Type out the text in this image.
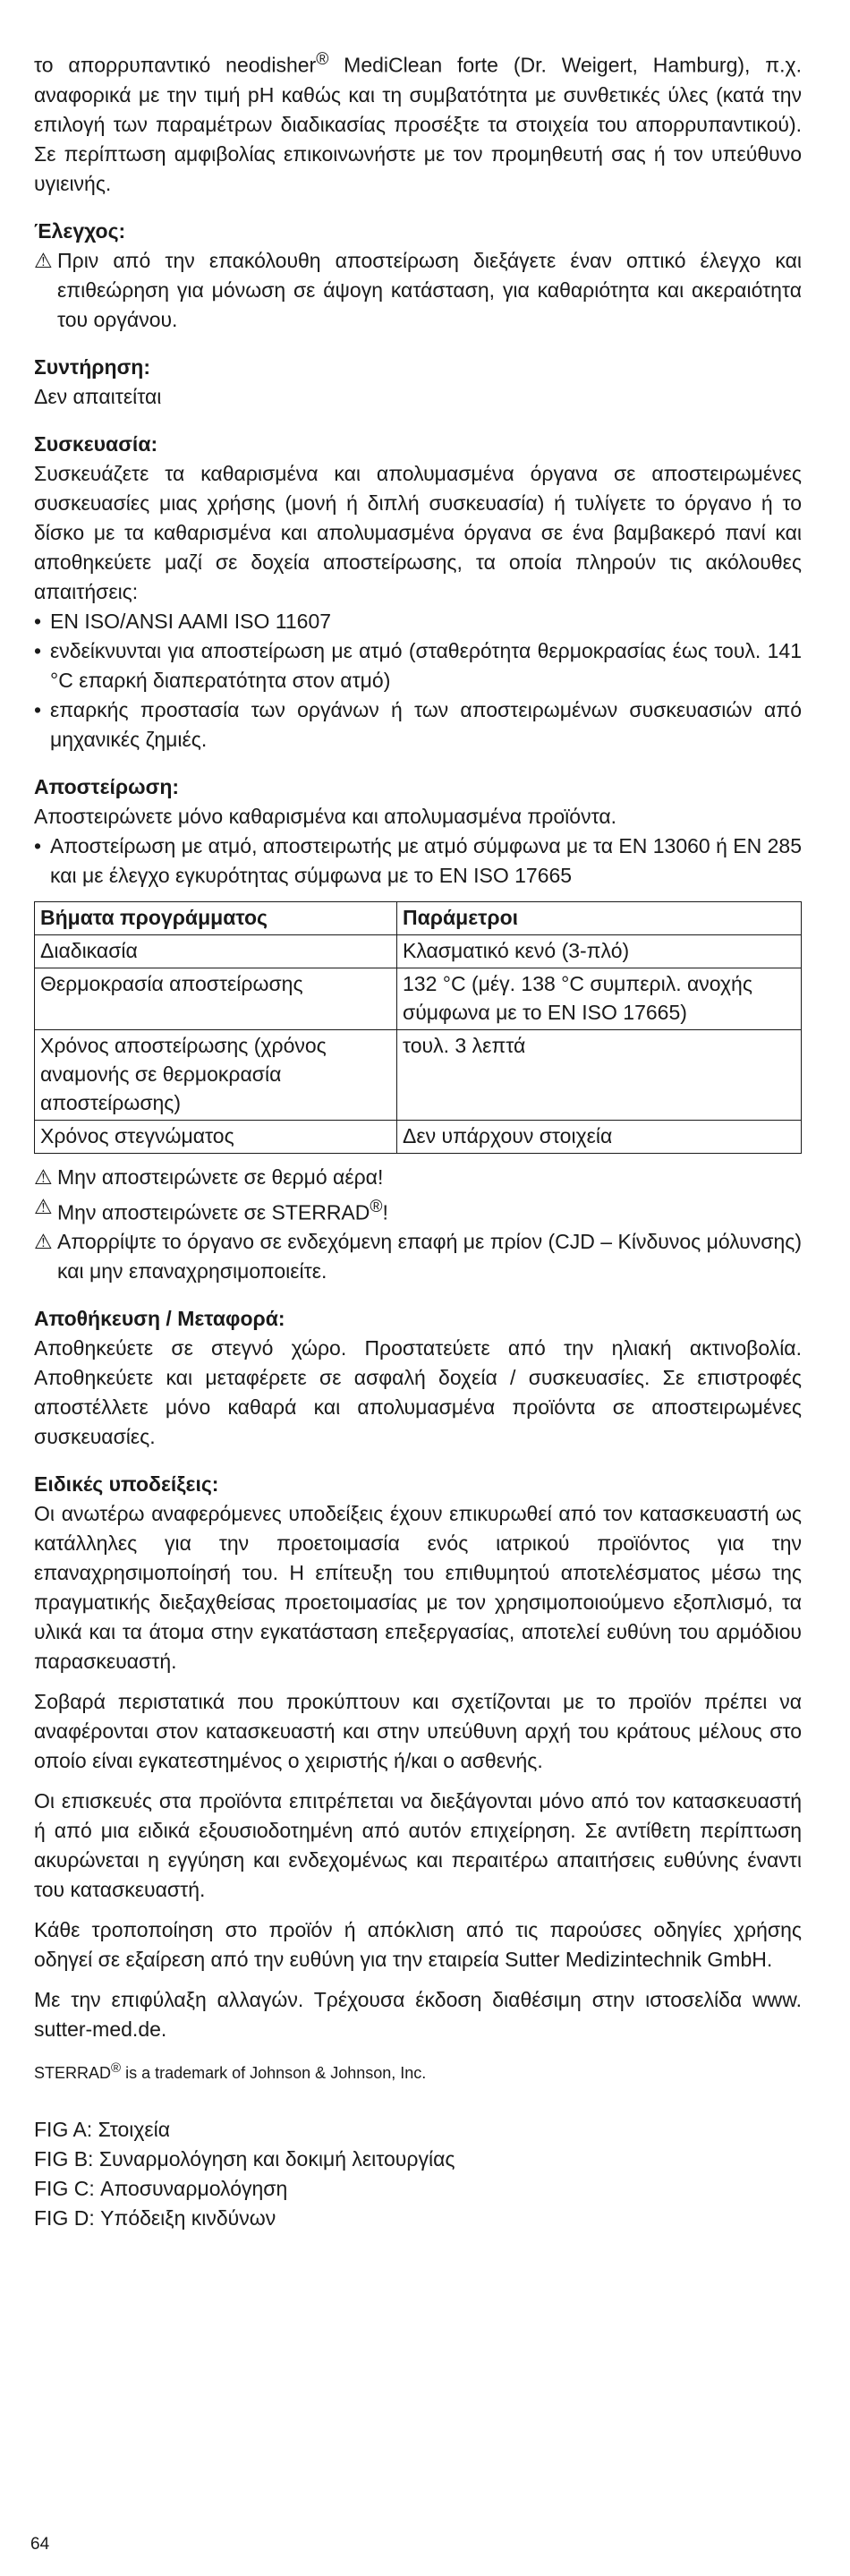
το απορρυπαντικό neodisher® MediClean forte (Dr. Weigert, Hamburg), π.χ. αναφορικά με την τιμή pH καθώς και τη συμβατότητα με συνθετικές ύλες (κατά την επιλογή των παραμέτρων διαδικασίας προσέξτε τα στοιχεία του απορρυπαντικού). Σε περίπτωση αμφιβολίας επικοινωνήστε με τον προμηθευτή σας ή τον υπεύθυνο υγιεινής.

Έλεγχος:
⚠ Πριν από την επακόλουθη αποστείρωση διεξάγετε έναν οπτικό έλεγχο και επιθεώρηση για μόνωση σε άψογη κατάσταση, για καθαριότητα και ακεραιότητα του οργάνου.
Συντήρηση:

Δεν απαιτείται

Συσκευασία:

Συσκευάζετε τα καθαρισμένα και απολυμασμένα όργανα σε αποστειρωμένες συσκευασίες μιας χρήσης (μονή ή διπλή συσκευασία) ή τυλίγετε το όργανο ή το δίσκο με τα καθαρισμένα και απολυμασμένα όργανα σε ένα βαμβακερό πανί και αποθηκεύετε μαζί σε δοχεία αποστείρωσης, τα οποία πληρούν τις ακόλουθες απαιτήσεις:

• EN ISO/ANSI AAMI ISO 11607
• ενδείκνυνται για αποστείρωση με ατμό (σταθερότητα θερμοκρασίας έως τουλ. 141 °C επαρκή διαπερατότητα στον ατμό)
• επαρκής προστασία των οργάνων ή των αποστειρωμένων συσκευασιών από μηχανικές ζημιές.
Αποστείρωση:

Αποστειρώνετε μόνο καθαρισμένα και απολυμασμένα προϊόντα.

• Αποστείρωση με ατμό, αποστειρωτής με ατμό σύμφωνα με τα EN 13060 ή EN 285 και με έλεγχο εγκυρότητας σύμφωνα με το EN ISO 17665
Βήματα προγράμματος	Παράμετροι
Διαδικασία	Κλασματικό κενό (3-πλό)
Θερμοκρασία αποστείρωσης	132 °C (μέγ. 138 °C συμπεριλ. ανοχής σύμφωνα με το EN ISO 17665)
Χρόνος αποστείρωσης (χρόνος αναμονής σε θερμοκρασία αποστείρωσης)	τουλ. 3 λεπτά
Χρόνος στεγνώματος	Δεν υπάρχουν στοιχεία
⚠ Μην αποστειρώνετε σε θερμό αέρα!
⚠ Μην αποστειρώνετε σε STERRAD®!
⚠ Απορρίψτε το όργανο σε ενδεχόμενη επαφή με πρίον (CJD – Κίνδυνος μόλυνσης) και μην επαναχρησιμοποιείτε.
Αποθήκευση / Μεταφορά:

Αποθηκεύετε σε στεγνό χώρο. Προστατεύετε από την ηλιακή ακτινοβολία. Αποθηκεύετε και μεταφέρετε σε ασφαλή δοχεία / συσκευασίες. Σε επιστροφές αποστέλλετε μόνο καθαρά και απολυμασμένα προϊόντα σε αποστειρωμένες συσκευασίες.

Ειδικές υποδείξεις:

Οι ανωτέρω αναφερόμενες υποδείξεις έχουν επικυρωθεί από τον κατασκευαστή ως κατάλληλες για την προετοιμασία ενός ιατρικού προϊόντος για την επαναχρησιμοποίησή του. Η επίτευξη του επιθυμητού αποτελέσματος μέσω της πραγματικής διεξαχθείσας προετοιμασίας με τον χρησιμοποιούμενο εξοπλισμό, τα υλικά και τα άτομα στην εγκατάσταση επεξεργασίας, αποτελεί ευθύνη του αρμόδιου παρασκευαστή.

Σοβαρά περιστατικά που προκύπτουν και σχετίζονται με το προϊόν πρέπει να αναφέρονται στον κατασκευαστή και στην υπεύθυνη αρχή του κράτους μέλους στο οποίο είναι εγκατεστημένος ο χειριστής ή/και ο ασθενής.

Οι επισκευές στα προϊόντα επιτρέπεται να διεξάγονται μόνο από τον κατασκευαστή ή από μια ειδικά εξουσιοδοτημένη από αυτόν επιχείρηση. Σε αντίθετη περίπτωση ακυρώνεται η εγγύηση και ενδεχομένως και περαιτέρω απαιτήσεις ευθύνης έναντι του κατασκευαστή.

Κάθε τροποποίηση στο προϊόν ή απόκλιση από τις παρούσες οδηγίες χρήσης οδηγεί σε εξαίρεση από την ευθύνη για την εταιρεία Sutter Medizintechnik GmbH.

Με την επιφύλαξη αλλαγών. Τρέχουσα έκδοση διαθέσιμη στην ιστοσελίδα www. sutter-med.de.

STERRAD® is a trademark of Johnson & Johnson, Inc.
FIG A: Στοιχεία
FIG B: Συναρμολόγηση και δοκιμή λειτουργίας
FIG C: Αποσυναρμολόγηση
FIG D: Υπόδειξη κινδύνων
64
